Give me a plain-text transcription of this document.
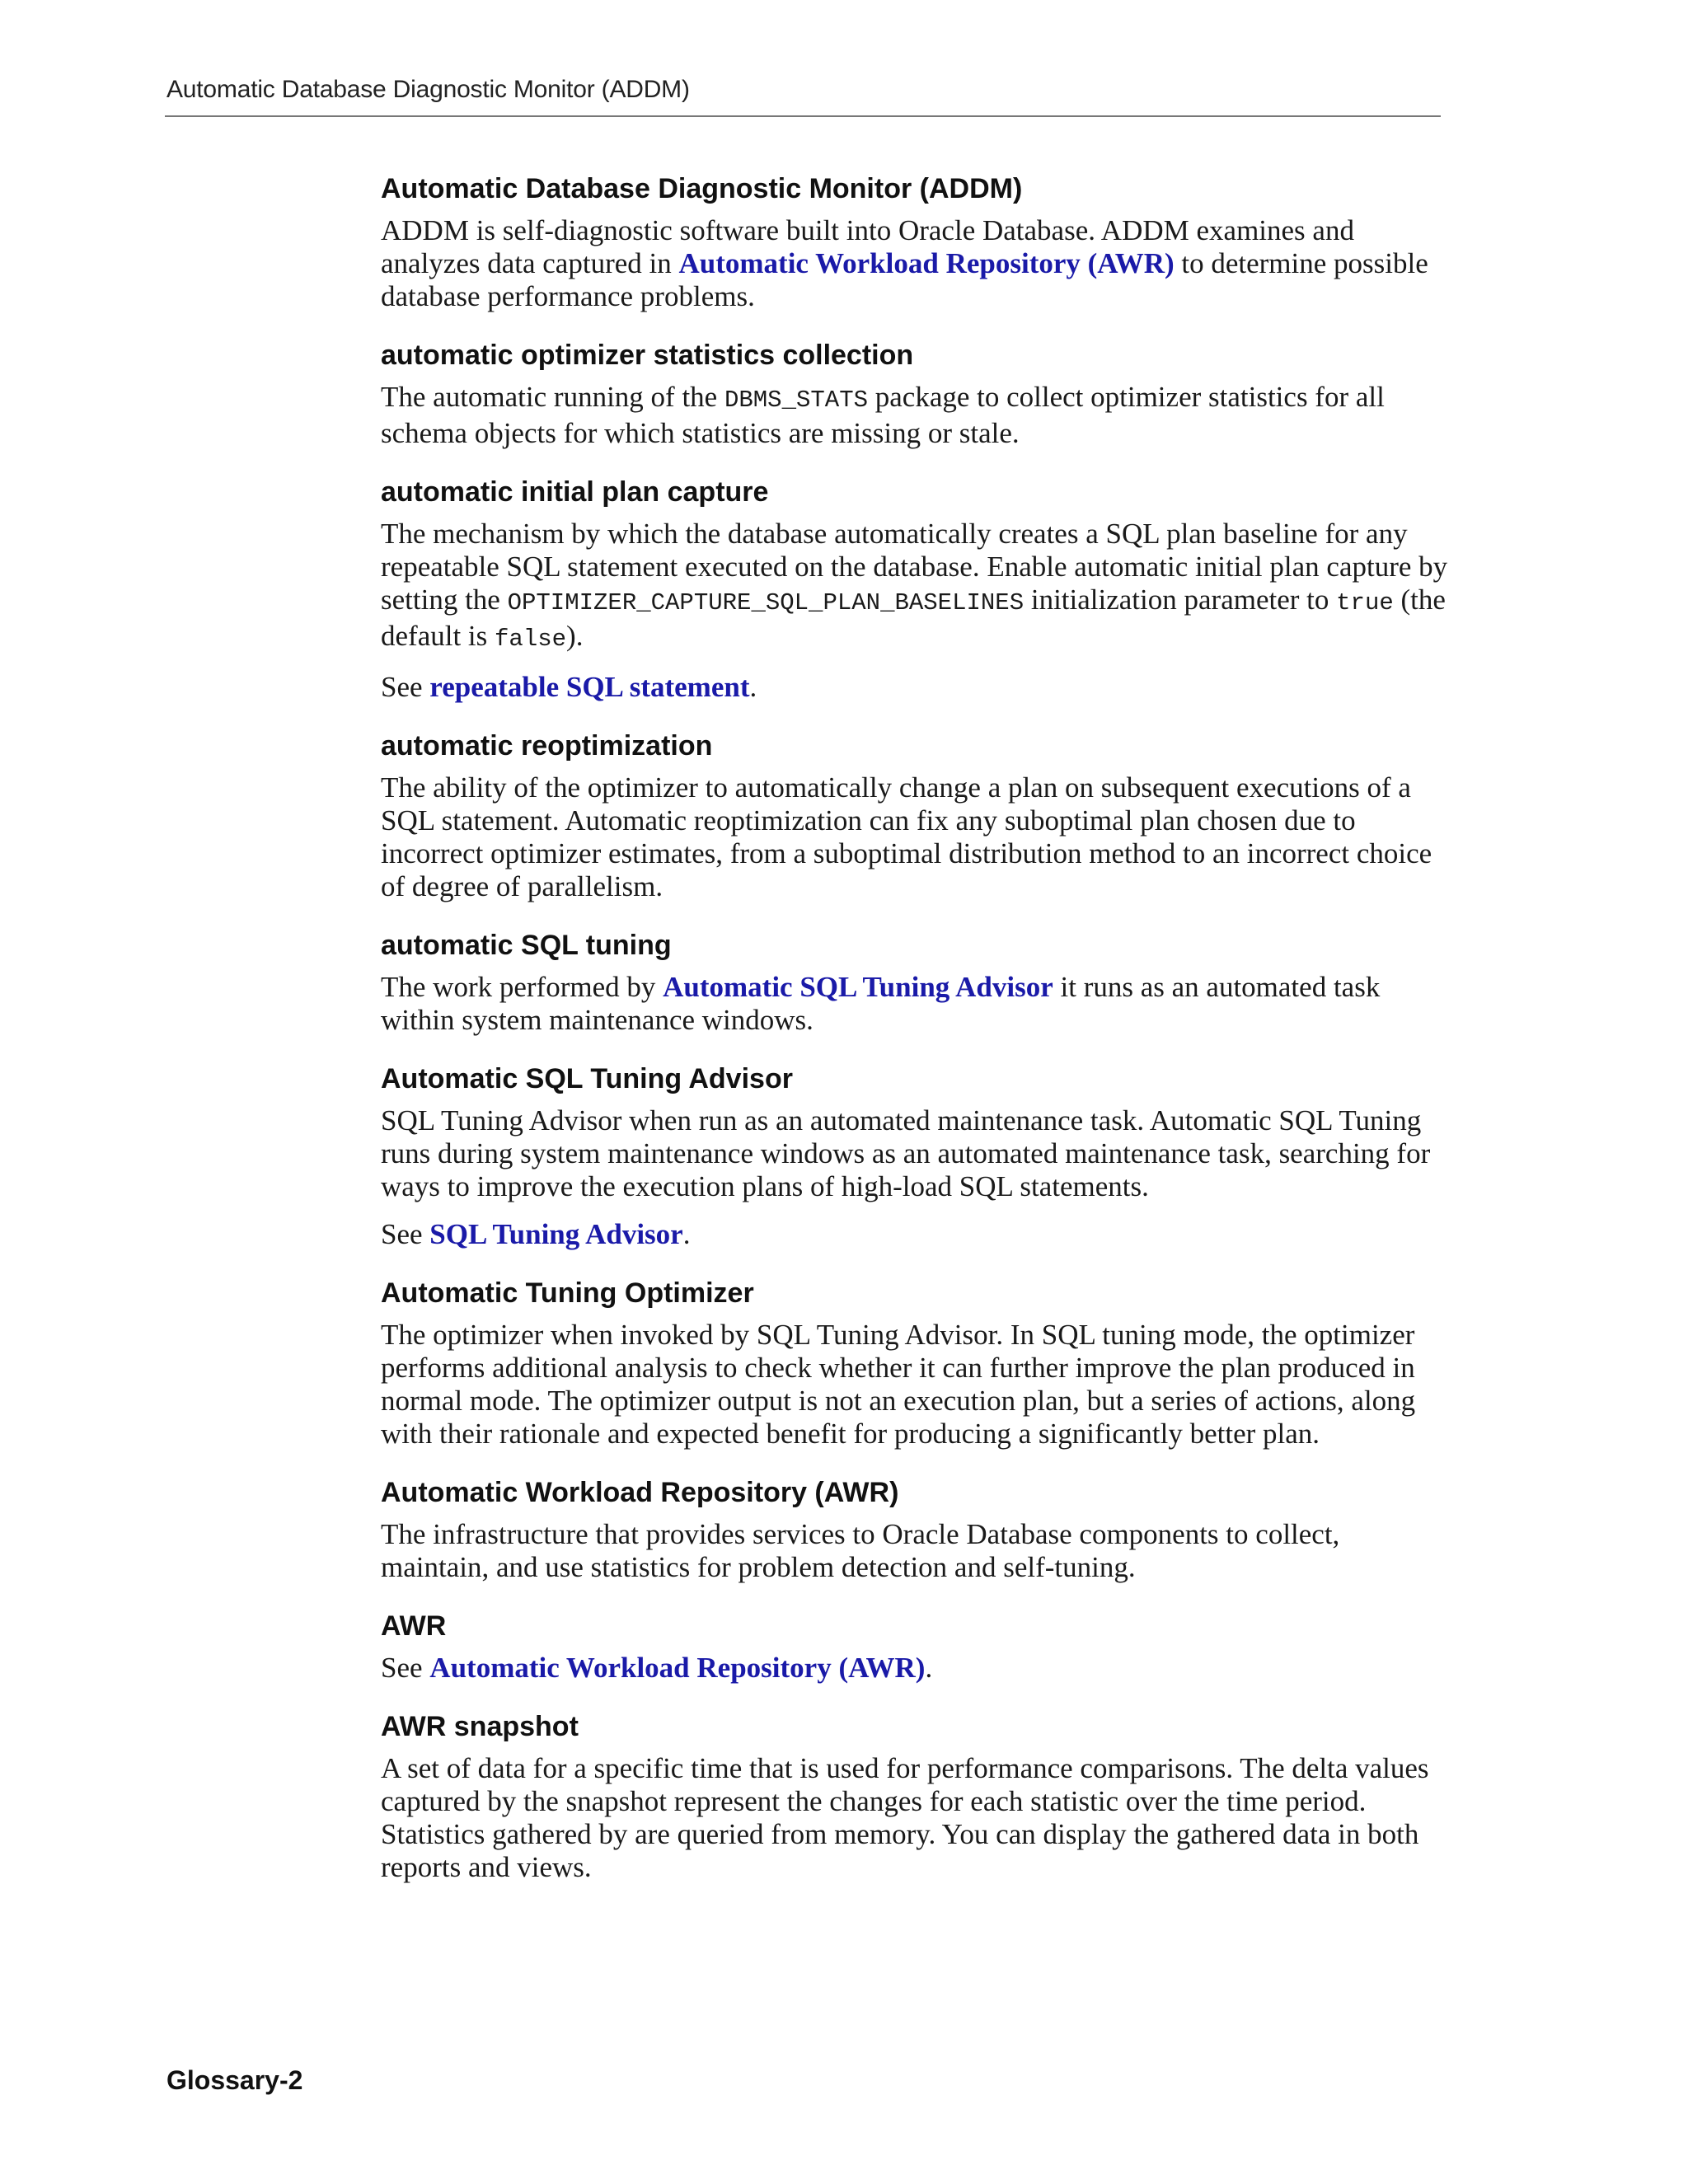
Automatic Database Diagnostic Monitor (ADDM)
Automatic Database Diagnostic Monitor (ADDM)
ADDM is self-diagnostic software built into Oracle Database. ADDM examines and analyzes data captured in Automatic Workload Repository (AWR) to determine possible database performance problems.
automatic optimizer statistics collection
The automatic running of the DBMS_STATS package to collect optimizer statistics for all schema objects for which statistics are missing or stale.
automatic initial plan capture
The mechanism by which the database automatically creates a SQL plan baseline for any repeatable SQL statement executed on the database. Enable automatic initial plan capture by setting the OPTIMIZER_CAPTURE_SQL_PLAN_BASELINES initialization parameter to true (the default is false).
See repeatable SQL statement.
automatic reoptimization
The ability of the optimizer to automatically change a plan on subsequent executions of a SQL statement. Automatic reoptimization can fix any suboptimal plan chosen due to incorrect optimizer estimates, from a suboptimal distribution method to an incorrect choice of degree of parallelism.
automatic SQL tuning
The work performed by Automatic SQL Tuning Advisor it runs as an automated task within system maintenance windows.
Automatic SQL Tuning Advisor
SQL Tuning Advisor when run as an automated maintenance task. Automatic SQL Tuning runs during system maintenance windows as an automated maintenance task, searching for ways to improve the execution plans of high-load SQL statements.
See SQL Tuning Advisor.
Automatic Tuning Optimizer
The optimizer when invoked by SQL Tuning Advisor. In SQL tuning mode, the optimizer performs additional analysis to check whether it can further improve the plan produced in normal mode. The optimizer output is not an execution plan, but a series of actions, along with their rationale and expected benefit for producing a significantly better plan.
Automatic Workload Repository (AWR)
The infrastructure that provides services to Oracle Database components to collect, maintain, and use statistics for problem detection and self-tuning.
AWR
See Automatic Workload Repository (AWR).
AWR snapshot
A set of data for a specific time that is used for performance comparisons. The delta values captured by the snapshot represent the changes for each statistic over the time period. Statistics gathered by are queried from memory. You can display the gathered data in both reports and views.
Glossary-2
